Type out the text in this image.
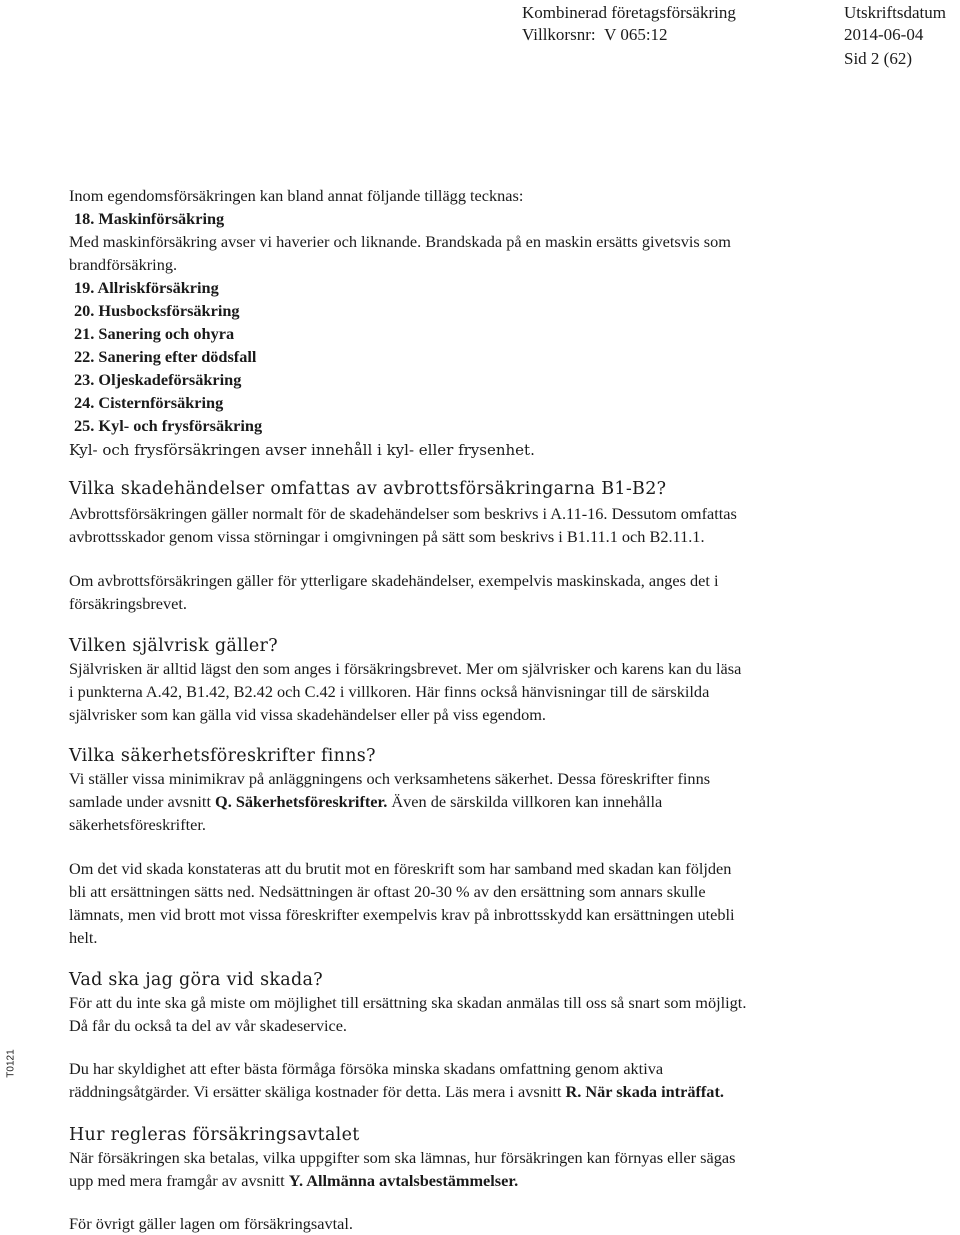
Kombinerad företagsförsäkring
Villkorsnr: V 065:12
Utskriftsdatum
2014-06-04
Sid 2 (62)
T0121
Inom egendomsförsäkringen kan bland annat följande tillägg tecknas:
18. Maskinförsäkring
Med maskinförsäkring avser vi haverier och liknande. Brandskada på en maskin ersätts givetsvis som
brandförsäkring.
19. Allriskförsäkring
20. Husbocksförsäkring
21. Sanering och ohyra
22. Sanering efter dödsfall
23. Oljeskadeförsäkring
24. Cisternförsäkring
25. Kyl- och frysförsäkring
Kyl- och frysförsäkringen avser innehåll i kyl- eller frysenhet.
Vilka skadehändelser omfattas av avbrottsförsäkringarna B1-B2?
Avbrottsförsäkringen gäller normalt för de skadehändelser som beskrivs i A.11-16. Dessutom omfattas
avbrottsskador genom vissa störningar i omgivningen på sätt som beskrivs i B1.11.1 och B2.11.1.
Om avbrottsförsäkringen gäller för ytterligare skadehändelser, exempelvis maskinskada, anges det i
försäkringsbrevet.
Vilken självrisk gäller?
Självrisken är alltid lägst den som anges i försäkringsbrevet. Mer om självrisker och karens kan du läsa
i punkterna A.42, B1.42, B2.42 och C.42 i villkoren. Här finns också hänvisningar till de särskilda
självrisker som kan gälla vid vissa skadehändelser eller på viss egendom.
Vilka säkerhetsföreskrifter finns?
Vi ställer vissa minimikrav på anläggningens och verksamhetens säkerhet. Dessa föreskrifter finns
samlade under avsnitt Q. Säkerhetsföreskrifter. Även de särskilda villkoren kan innehålla
säkerhetsföreskrifter.
Om det vid skada konstateras att du brutit mot en föreskrift som har samband med skadan kan följden
bli att ersättningen sätts ned. Nedsättningen är oftast 20-30 % av den ersättning som annars skulle
lämnats, men vid brott mot vissa föreskrifter exempelvis krav på inbrottsskydd kan ersättningen utebli
helt.
Vad ska jag göra vid skada?
För att du inte ska gå miste om möjlighet till ersättning ska skadan anmälas till oss så snart som möjligt.
Då får du också ta del av vår skadeservice.
Du har skyldighet att efter bästa förmåga försöka minska skadans omfattning genom aktiva
räddningsåtgärder. Vi ersätter skäliga kostnader för detta. Läs mera i avsnitt R. När skada inträffat.
Hur regleras försäkringsavtalet
När försäkringen ska betalas, vilka uppgifter som ska lämnas, hur försäkringen kan förnyas eller sägas
upp med mera framgår av avsnitt Y. Allmänna avtalsbestämmelser.
För övrigt gäller lagen om försäkringsavtal.
